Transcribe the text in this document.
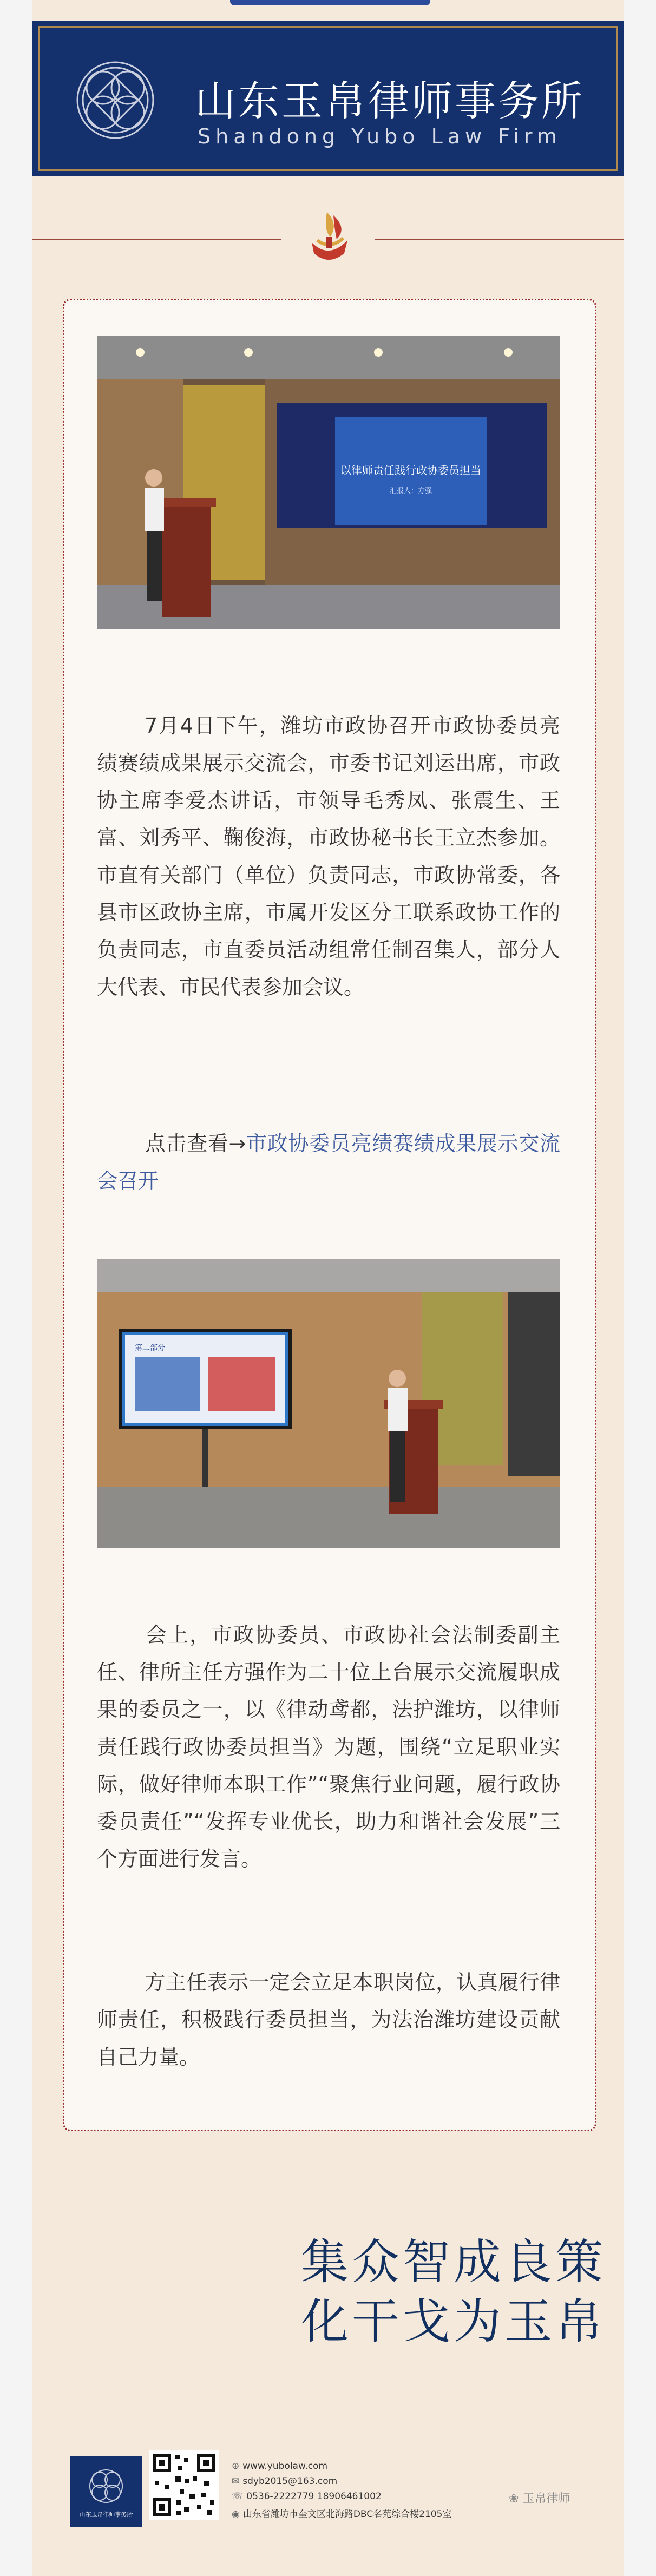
山东玉帛律师事务所
Shandong Yubo Law Firm
以律师责任践行政协委员担当
汇报人：方强
7月4日下午，潍坊市政协召开市政协委员亮绩赛绩成果展示交流会，市委书记刘运出席，市政协主席李爱杰讲话，市领导毛秀凤、张震生、王富、刘秀平、鞠俊海，市政协秘书长王立杰参加。市直有关部门（单位）负责同志，市政协常委，各县市区政协主席，市属开发区分工联系政协工作的负责同志，市直委员活动组常任制召集人，部分人大代表、市民代表参加会议。
点击查看→市政协委员亮绩赛绩成果展示交流会召开
第二部分
会上，市政协委员、市政协社会法制委副主任、律所主任方强作为二十位上台展示交流履职成果的委员之一，以《律动鸢都，法护潍坊，以律师责任践行政协委员担当》为题，围绕“立足职业实际，做好律师本职工作”“聚焦行业问题，履行政协委员责任”“发挥专业优长，助力和谐社会发展”三个方面进行发言。
方主任表示一定会立足本职岗位，认真履行律师责任，积极践行委员担当，为法治潍坊建设贡献自己力量。
集众智成良策
化干戈为玉帛
山东玉帛律师事务所
⊕ www.yubolaw.com
✉ sdyb2015@163.com
☏ 0536-2222779 18906461002
◉ 山东省潍坊市奎文区北海路DBC名苑综合楼2105室
❀ 玉帛律师
